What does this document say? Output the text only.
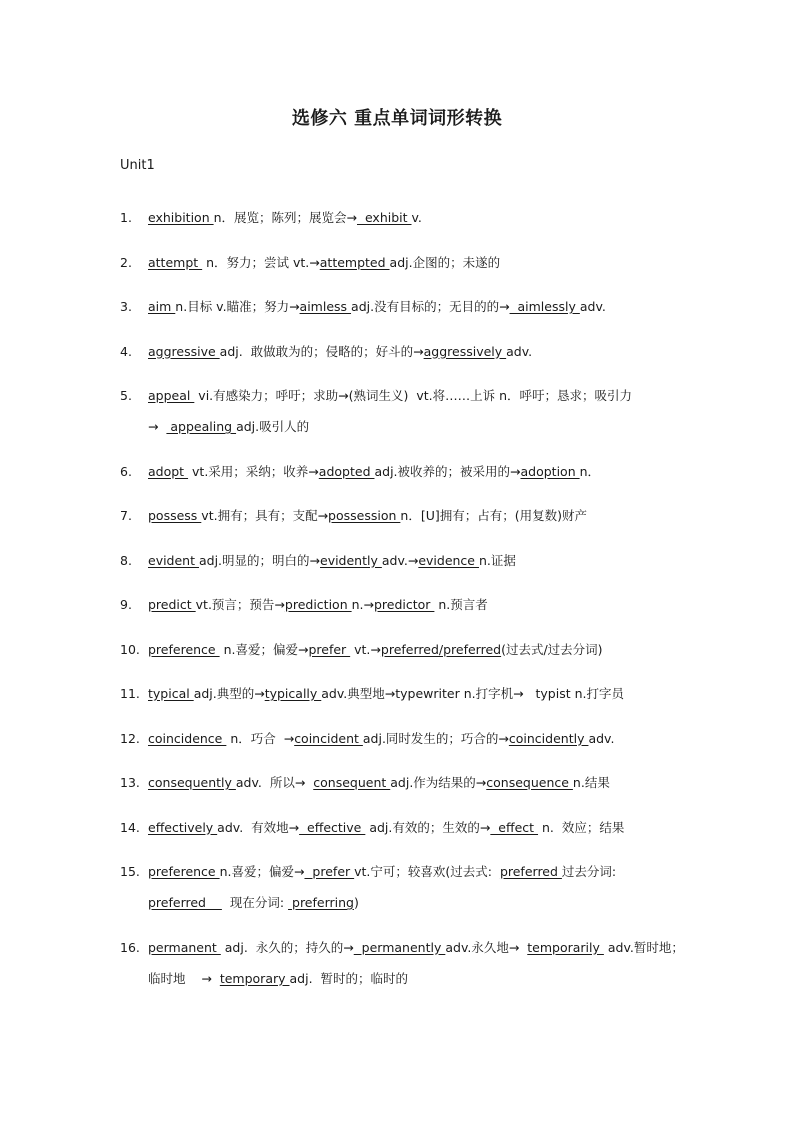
选修六 重点单词词形转换
Unit1
1. exhibition n．展览；陈列；展览会→  exhibit v.
2. attempt  n．努力；尝试 vt.→attempted adj.企图的；未遂的
3. aim n.目标 v.瞄准；努力→aimless adj.没有目标的；无目的的→  aimlessly adv.
4. aggressive adj.  敢做敢为的；侵略的；好斗的→aggressively adv.
5. appeal  vi.有感染力；呼吁；求助→(熟词生义)  vt.将……上诉 n．呼吁；恳求；吸引力
→   appealing adj.吸引人的
6. adopt  vt.采用；采纳；收养→adopted adj.被收养的；被采用的→adoption n．
7. possess vt.拥有；具有；支配→possession n．[U]拥有；占有；(用复数)财产
8. evident adj.明显的；明白的→evidently adv.→evidence n.证据
9. predict vt.预言；预告→prediction n.→predictor  n.预言者
10. preference  n.喜爱；偏爱→prefer  vt.→preferred/preferred(过去式/过去分词)
11. typical adj.典型的→typically adv.典型地→typewriter n.打字机→   typist n.打字员
12. coincidence  n．巧合  →coincident adj.同时发生的；巧合的→coincidently adv.
13. consequently adv.  所以→  consequent adj.作为结果的→consequence n.结果
14. effectively adv.  有效地→  effective  adj.有效的；生效的→  effect  n.  效应；结果
15. preference n.喜爱；偏爱→  prefer vt.宁可；较喜欢(过去式:  preferred 过去分词:
preferred      现在分词:  preferring)
16. permanent  adj.  永久的；持久的→  permanently adv.永久地→  temporarily  adv.暂时地；
临时地    →  temporary adj.  暂时的；临时的
